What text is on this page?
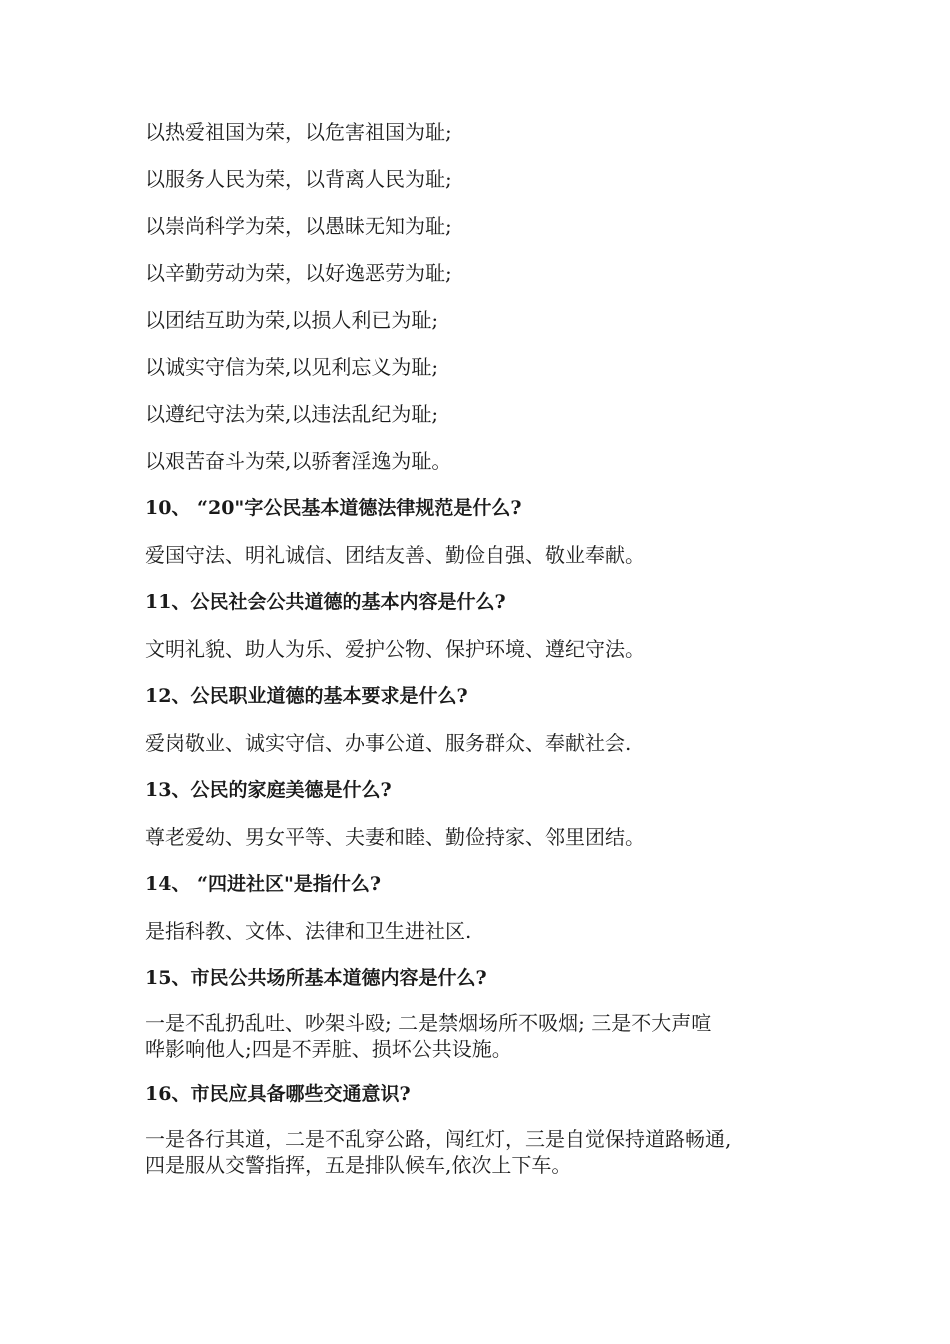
以热爱祖国为荣，以危害祖国为耻;
以服务人民为荣，以背离人民为耻;
以崇尚科学为荣，以愚昧无知为耻;
以辛勤劳动为荣，以好逸恶劳为耻;
以团结互助为荣,以损人利已为耻;
以诚实守信为荣,以见利忘义为耻;
以遵纪守法为荣,以违法乱纪为耻;
以艰苦奋斗为荣,以骄奢淫逸为耻。
10、 “20"字公民基本道德法律规范是什么?
爱国守法、明礼诚信、团结友善、勤俭自强、敬业奉献。
11、公民社会公共道德的基本内容是什么?
文明礼貌、助人为乐、爱护公物、保护环境、遵纪守法。
12、公民职业道德的基本要求是什么?
爱岗敬业、诚实守信、办事公道、服务群众、奉献社会.
13、公民的家庭美德是什么?
尊老爱幼、男女平等、夫妻和睦、勤俭持家、邻里团结。
14、 “四进社区"是指什么?
是指科教、文体、法律和卫生进社区.
15、市民公共场所基本道德内容是什么?
一是不乱扔乱吐、吵架斗殴; 二是禁烟场所不吸烟; 三是不大声喧
哗影响他人;四是不弄脏、损坏公共设施。
16、市民应具备哪些交通意识?
一是各行其道，二是不乱穿公路，闯红灯，三是自觉保持道路畅通,
四是服从交警指挥，五是排队候车,依次上下车。
